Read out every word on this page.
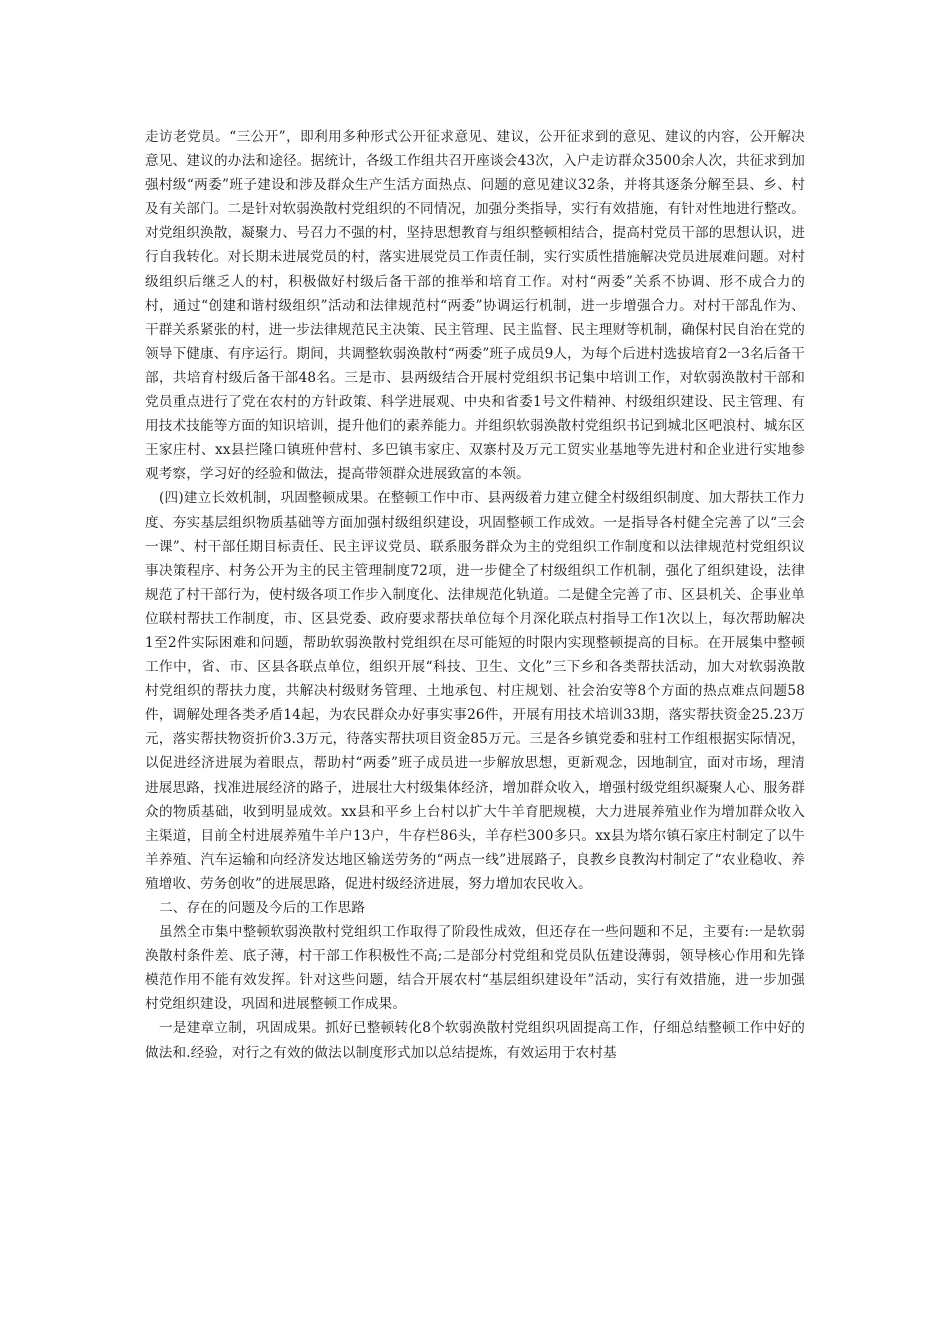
走访老党员。“三公开”，即利用多种形式公开征求意见、建议，公开征求到的意见、建议的内容，公开解决意见、建议的办法和途径。据统计，各级工作组共召开座谈会43次，入户走访群众3500余人次，共征求到加强村级“两委”班子建设和涉及群众生产生活方面热点、问题的意见建议32条，并将其逐条分解至县、乡、村及有关部门。二是针对软弱涣散村党组织的不同情况，加强分类指导，实行有效措施，有针对性地进行整改。对党组织涣散，凝聚力、号召力不强的村，坚持思想教育与组织整顿相结合，提高村党员干部的思想认识，进行自我转化。对长期未进展党员的村，落实进展党员工作责任制，实行实质性措施解决党员进展难问题。对村级组织后继乏人的村，积极做好村级后备干部的推举和培育工作。对村“两委”关系不协调、形不成合力的村，通过“创建和谐村级组织”活动和法律规范村“两委”协调运行机制，进一步增强合力。对村干部乱作为、干群关系紧张的村，进一步法律规范民主决策、民主管理、民主监督、民主理财等机制，确保村民自治在党的领导下健康、有序运行。期间，共调整软弱涣散村“两委”班子成员9人，为每个后进村选拔培育2一3名后备干部，共培育村级后备干部48名。三是市、县两级结合开展村党组织书记集中培训工作，对软弱涣散村干部和党员重点进行了党在农村的方针政策、科学进展观、中央和省委1号文件精神、村级组织建设、民主管理、有用技术技能等方面的知识培训，提升他们的素养能力。并组织软弱涣散村党组织书记到城北区吧浪村、城东区王家庄村、xx县拦隆口镇班仲营村、多巴镇韦家庄、双寨村及万元工贸实业基地等先进村和企业进行实地参观考察，学习好的经验和做法，提高带领群众进展致富的本领。

(四)建立长效机制，巩固整顿成果。在整顿工作中市、县两级着力建立健全村级组织制度、加大帮扶工作力度、夯实基层组织物质基础等方面加强村级组织建设，巩固整顿工作成效。一是指导各村健全完善了以“三会一课”、村干部任期目标责任、民主评议党员、联系服务群众为主的党组织工作制度和以法律规范村党组织议事决策程序、村务公开为主的民主管理制度72项，进一步健全了村级组织工作机制，强化了组织建设，法律规范了村干部行为，使村级各项工作步入制度化、法律规范化轨道。二是健全完善了市、区县机关、企事业单位联村帮扶工作制度，市、区县党委、政府要求帮扶单位每个月深化联点村指导工作1次以上，每次帮助解决1至2件实际困难和问题，帮助软弱涣散村党组织在尽可能短的时限内实现整顿提高的目标。在开展集中整顿工作中，省、市、区县各联点单位，组织开展“科技、卫生、文化”三下乡和各类帮扶活动，加大对软弱涣散村党组织的帮扶力度，共解决村级财务管理、土地承包、村庄规划、社会治安等8个方面的热点难点问题58件，调解处理各类矛盾14起，为农民群众办好事实事26件，开展有用技术培训33期，落实帮扶资金25.23万元，落实帮扶物资折价3.3万元，待落实帮扶项目资金85万元。三是各乡镇党委和驻村工作组根据实际情况，以促进经济进展为着眼点，帮助村“两委”班子成员进一步解放思想，更新观念，因地制宜，面对市场，理清进展思路，找准进展经济的路子，进展壮大村级集体经济，增加群众收入，增强村级党组织凝聚人心、服务群众的物质基础，收到明显成效。xx县和平乡上台村以扩大牛羊育肥规模，大力进展养殖业作为增加群众收入主渠道，目前全村进展养殖牛羊户13户，牛存栏86头，羊存栏300多只。xx县为塔尔镇石家庄村制定了以牛羊养殖、汽车运输和向经济发达地区输送劳务的“两点一线”进展路子，良教乡良教沟村制定了“农业稳收、养殖增收、劳务创收”的进展思路，促进村级经济进展，努力增加农民收入。

二、存在的问题及今后的工作思路

虽然全市集中整顿软弱涣散村党组织工作取得了阶段性成效，但还存在一些问题和不足，主要有:一是软弱涣散村条件差、底子薄，村干部工作积极性不高;二是部分村党组和党员队伍建设薄弱，领导核心作用和先锋模范作用不能有效发挥。针对这些问题，结合开展农村“基层组织建设年”活动，实行有效措施，进一步加强村党组织建设，巩固和进展整顿工作成果。

一是建章立制，巩固成果。抓好已整顿转化8个软弱涣散村党组织巩固提高工作，仔细总结整顿工作中好的做法和.经验，对行之有效的做法以制度形式加以总结提炼，有效运用于农村基
